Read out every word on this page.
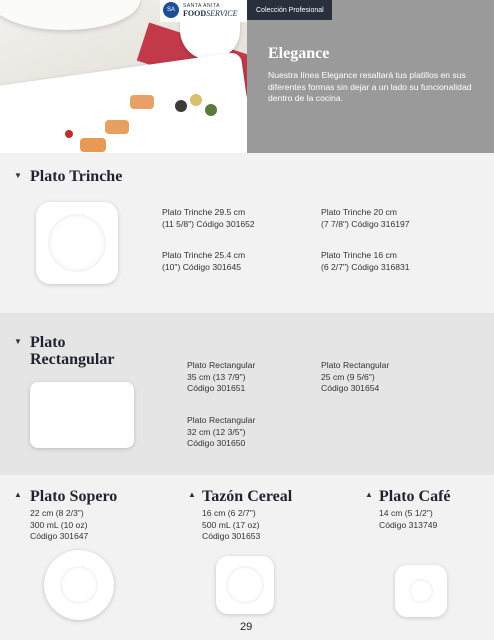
SA
SANTA ANITA
FOODSERVICE	Colección Profesional
Elegance
Nuestra línea Elegance resaltará tus platillos en sus diferentes formas sin dejar a un lado su funcionalidad dentro de la cocina.
▼ Plato Trinche
Plato Trinche 29.5 cm
(11 5/8") Código 301652
Plato Trinche 20 cm
(7 7/8") Código 316197
Plato Trinche 25.4 cm
(10") Código 301645
Plato Trinche 16 cm
(6 2/7") Código 316831
▼ Plato
Rectangular	Plato Rectangular
35 cm (13 7/9")
Código 301651
Plato Rectangular
25 cm (9 5/6")
Código 301654
Plato Rectangular
32 cm (12 3/5")
Código 301650
▲ Plato Sopero
22 cm (8 2/3")
300 mL (10 oz)
Código 301647
▲ Tazón Cereal
16 cm (6 2/7")
500 mL (17 oz)
Código 301653
▲ Plato Café
14 cm (5 1/2")
Código 313749
29
